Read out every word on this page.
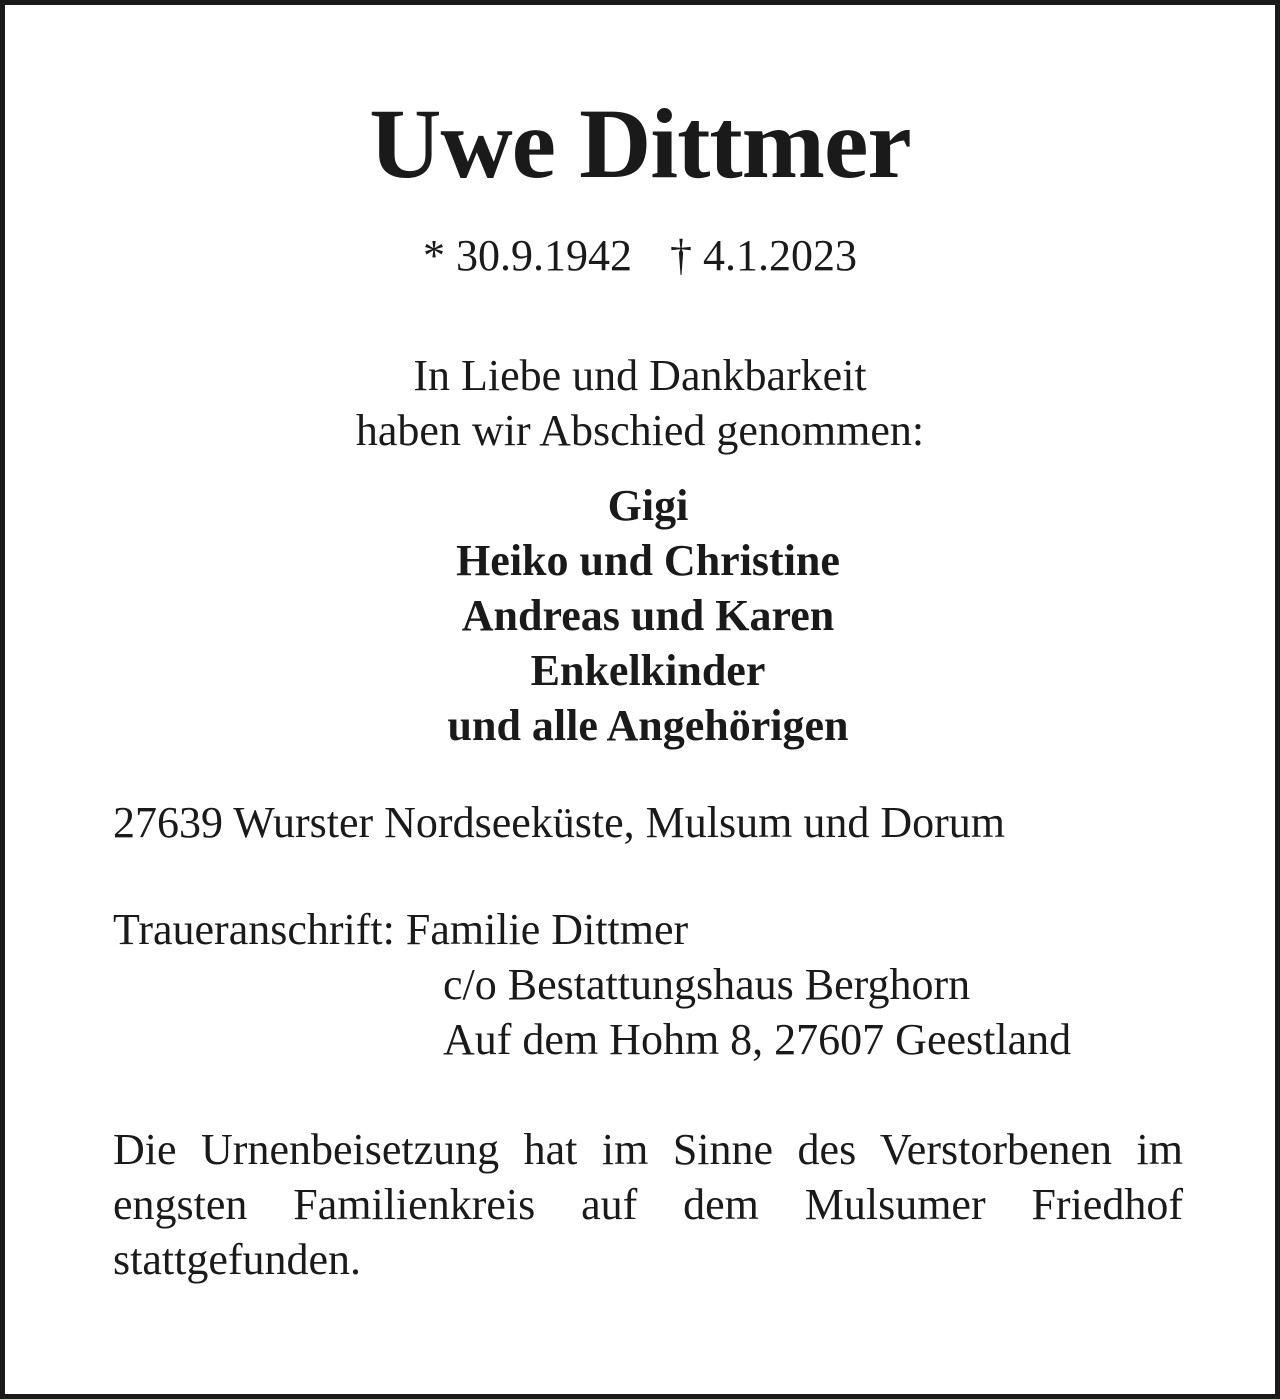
Uwe Dittmer
* 30.9.1942 † 4.1.2023
In Liebe und Dankbarkeit
haben wir Abschied genommen:
Gigi
Heiko und Christine
Andreas und Karen
Enkelkinder
und alle Angehörigen
27639 Wurster Nordseeküste, Mulsum und Dorum
Traueranschrift: Familie Dittmer
c/o Bestattungshaus Berghorn
Auf dem Hohm 8, 27607 Geestland
Die Urnenbeisetzung hat im Sinne des Verstorbenen im engsten Familienkreis auf dem Mulsumer Friedhof stattgefunden.
